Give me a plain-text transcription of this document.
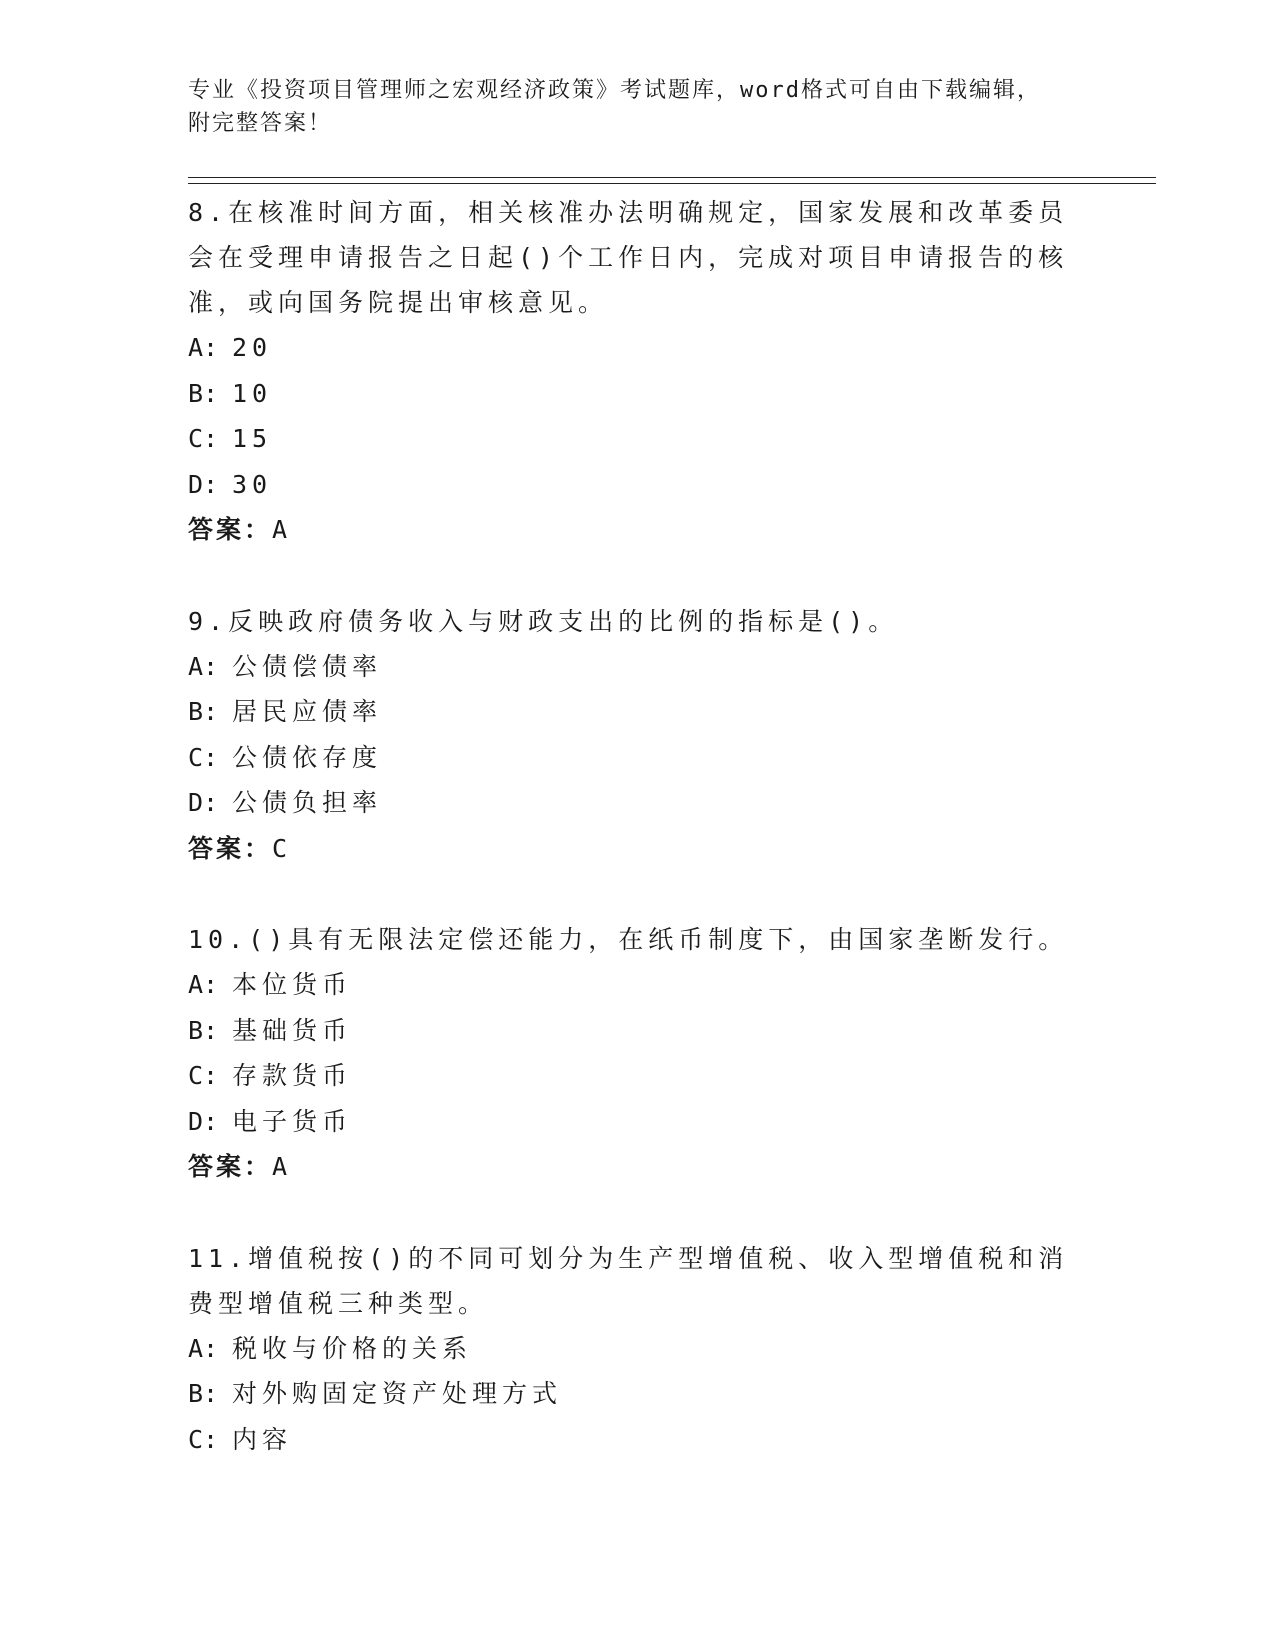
专业《投资项目管理师之宏观经济政策》考试题库，word格式可自由下载编辑，
附完整答案！

8.在核准时间方面，相关核准办法明确规定，国家发展和改革委员会在受理申请报告之日起()个工作日内，完成对项目申请报告的核准，或向国务院提出审核意见。

A: 20
B: 10
C: 15
D: 30
答案：A

9.反映政府债务收入与财政支出的比例的指标是()。

A: 公债偿债率
B: 居民应债率
C: 公债依存度
D: 公债负担率
答案：C

10.()具有无限法定偿还能力，在纸币制度下，由国家垄断发行。

A: 本位货币
B: 基础货币
C: 存款货币
D: 电子货币
答案：A

11.增值税按()的不同可划分为生产型增值税、收入型增值税和消费型增值税三种类型。

A: 税收与价格的关系
B: 对外购固定资产处理方式
C: 内容
